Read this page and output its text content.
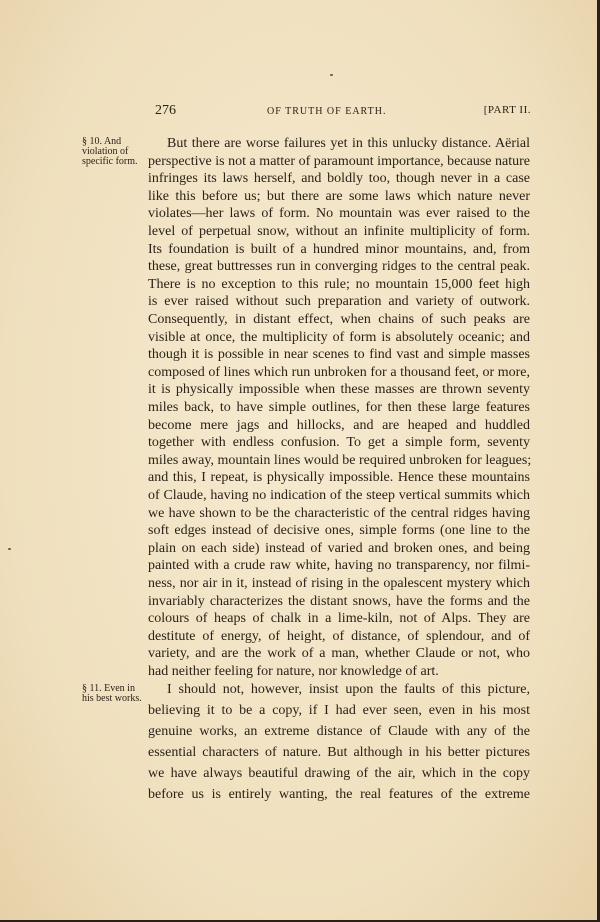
276	OF TRUTH OF EARTH.	[PART II.
§ 10. And
violation of
specific form.
§ 11. Even in
his best works.
But there are worse failures yet in this unlucky distance. Aërial
perspective is not a matter of paramount importance, because nature
infringes its laws herself, and boldly too, though never in a case
like this before us; but there are some laws which nature never
violates—her laws of form. No mountain was ever raised to the
level of perpetual snow, without an infinite multiplicity of form.
Its foundation is built of a hundred minor mountains, and, from
these, great buttresses run in converging ridges to the central peak.
There is no exception to this rule; no mountain 15,000 feet high
is ever raised without such preparation and variety of outwork.
Consequently, in distant effect, when chains of such peaks are
visible at once, the multiplicity of form is absolutely oceanic; and
though it is possible in near scenes to find vast and simple masses
composed of lines which run unbroken for a thousand feet, or more,
it is physically impossible when these masses are thrown seventy
miles back, to have simple outlines, for then these large features
become mere jags and hillocks, and are heaped and huddled
together with endless confusion. To get a simple form, seventy
miles away, mountain lines would be required unbroken for leagues;
and this, I repeat, is physically impossible. Hence these mountains
of Claude, having no indication of the steep vertical summits which
we have shown to be the characteristic of the central ridges having
soft edges instead of decisive ones, simple forms (one line to the
plain on each side) instead of varied and broken ones, and being
painted with a crude raw white, having no transparency, nor filmi-
ness, nor air in it, instead of rising in the opalescent mystery which
invariably characterizes the distant snows, have the forms and the
colours of heaps of chalk in a lime-kiln, not of Alps. They are
destitute of energy, of height, of distance, of splendour, and of
variety, and are the work of a man, whether Claude or not, who
had neither feeling for nature, nor knowledge of art.
I should not, however, insist upon the faults of this picture,
believing it to be a copy, if I had ever seen, even in his most
genuine works, an extreme distance of Claude with any of the
essential characters of nature. But although in his better pictures
we have always beautiful drawing of the air, which in the copy
before us is entirely wanting, the real features of the extreme
